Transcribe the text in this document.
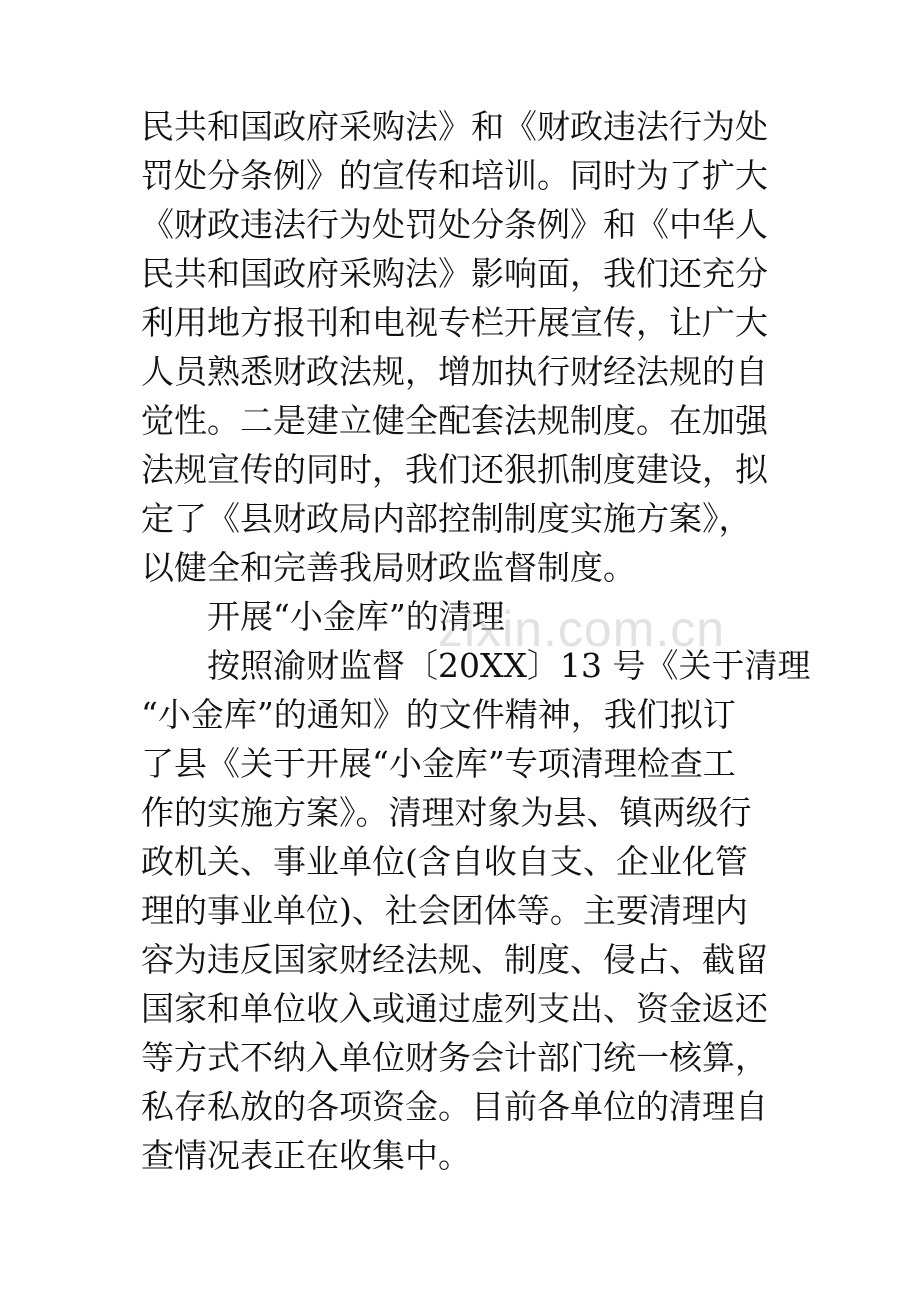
民共和国政府采购法》和《财政违法行为处
罚处分条例》的宣传和培训。同时为了扩大
《财政违法行为处罚处分条例》和《中华人
民共和国政府采购法》影响面，我们还充分
利用地方报刊和电视专栏开展宣传，让广大
人员熟悉财政法规，增加执行财经法规的自
觉性。二是建立健全配套法规制度。在加强
法规宣传的同时，我们还狠抓制度建设，拟
定了《县财政局内部控制制度实施方案》，
以健全和完善我局财政监督制度。
开展“小金库”的清理
按照渝财监督〔20XX〕13 号《关于清理
“小金库”的通知》的文件精神，我们拟订
了县《关于开展“小金库”专项清理检查工
作的实施方案》。清理对象为县、镇两级行
政机关、事业单位(含自收自支、企业化管
理的事业单位)、社会团体等。主要清理内
容为违反国家财经法规、制度、侵占、截留
国家和单位收入或通过虚列支出、资金返还
等方式不纳入单位财务会计部门统一核算，
私存私放的各项资金。目前各单位的清理自
查情况表正在收集中。
zixin.com.cn
